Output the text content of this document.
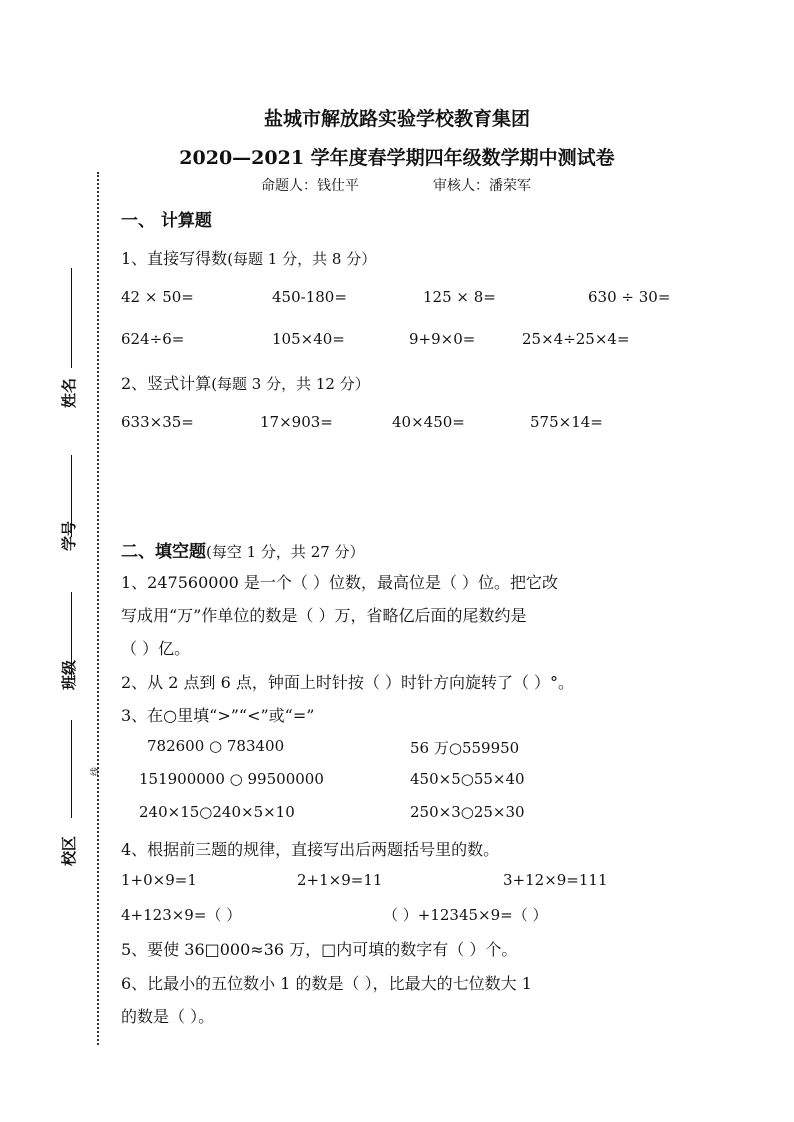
盐城市解放路实验学校教育集团
2020—2021 学年度春学期四年级数学期中测试卷
命题人：钱仕平	审核人：潘荣军
姓名
学号
班级
校区
线
一、 计算题
1、直接写得数(每题 1 分，共 8 分）
42 × 50=	450-180=	125 × 8=	630 ÷ 30=
624÷6=	105×40=	9+9×0=	25×4÷25×4=
2、竖式计算(每题 3 分，共 12 分）
633×35=	17×903=	40×450=	575×14=
二、填空题(每空 1 分，共 27 分）
1、247560000 是一个（ ）位数，最高位是（ ）位。把它改
写成用“万”作单位的数是（ ）万，省略亿后面的尾数约是
（ ）亿。
2、从 2 点到 6 点，钟面上时针按（ ）时针方向旋转了（ ）°。
3、在○里填“>”“<”或“=”
782600 ○ 783400	56 万○559950
151900000 ○ 99500000	450×5○55×40
240×15○240×5×10	250×3○25×30
4、根据前三题的规律，直接写出后两题括号里的数。
1+0×9=1	2+1×9=11	3+12×9=111
4+123×9=（ ）	（ ）+12345×9=（ ）
5、要使 36□000≈36 万，□内可填的数字有（ ）个。
6、比最小的五位数小 1 的数是（ ），比最大的七位数大 1
的数是（ ）。
